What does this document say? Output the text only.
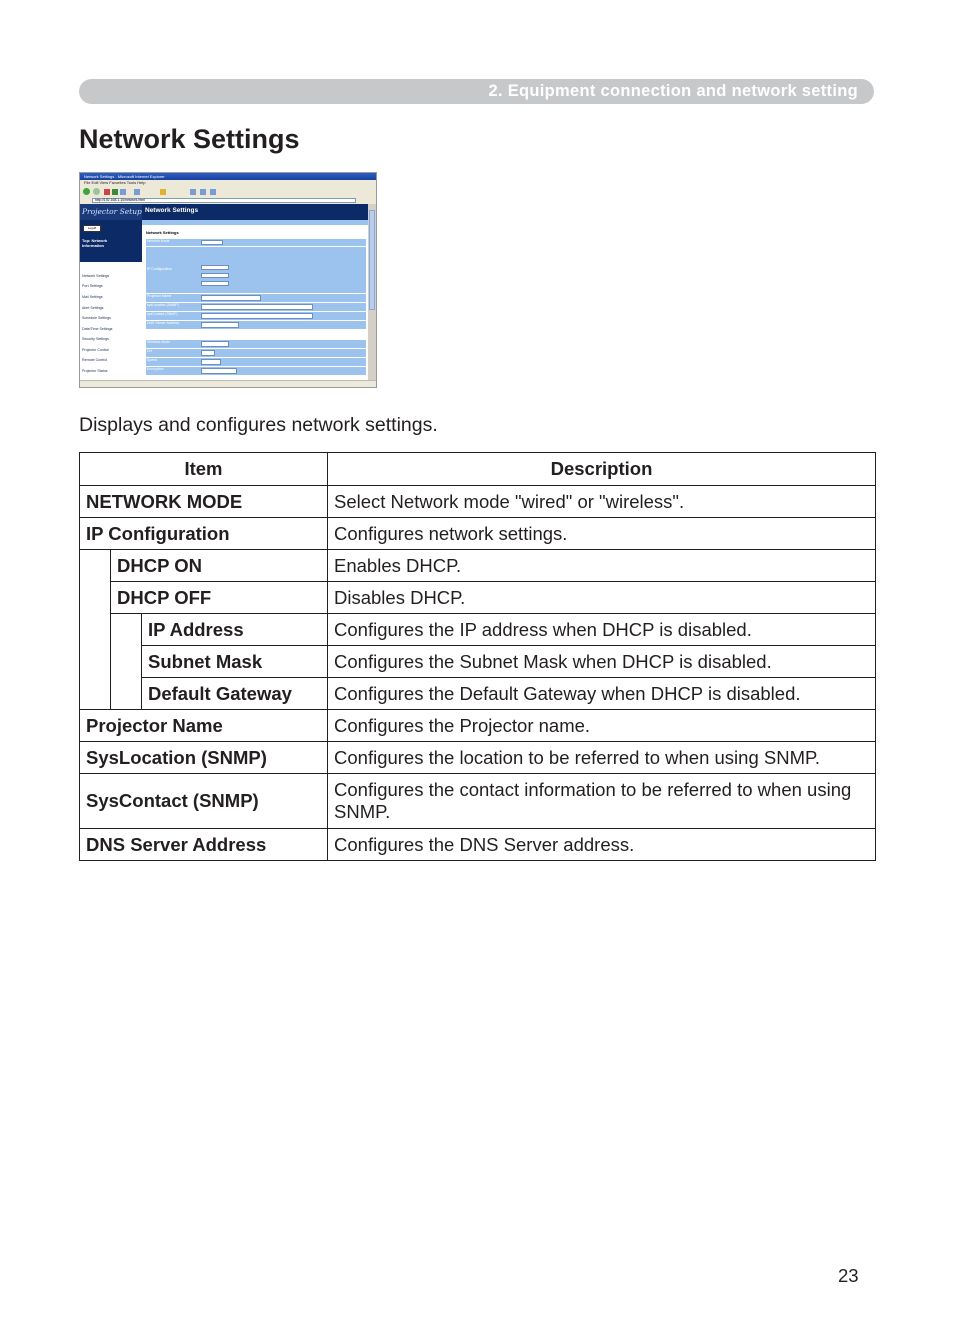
2. Equipment connection and network setting
Network Settings
Network Settings - Microsoft Internet Explorer
File Edit View Favorites Tools Help
http://192.168.1.10/network.html
Projector Setup
Logoff
Top: Network Information
Network Settings
Port Settings
Mail Settings
Alert Settings
Schedule Settings
Date/Time Settings
Security Settings
Projector Control
Remote Control
Projector Status
Network Settings
Network Settings
Network Mode
IP Configuration
Projector Name
sysLocation (SNMP)
sysContact (SNMP)
DNS Server Address
Wireless Mode
CH
Speed
Encryption

Displays and configures network settings.

Item			Description
NETWORK MODE			Select Network mode "wired" or "wireless".
IP Configuration			Configures network settings.
	DHCP ON		Enables DHCP.
	DHCP OFF		Disables DHCP.
		IP Address	Configures the IP address when DHCP is disabled.
		Subnet Mask	Configures the Subnet Mask when DHCP is disabled.
		Default Gateway	Configures the Default Gateway when DHCP is disabled.
Projector Name			Configures the Projector name.
SysLocation (SNMP)			Configures the location to be referred to when using SNMP.
SysContact (SNMP)			Configures the contact information to be referred to when using SNMP.
DNS Server Address			Configures the DNS Server address.
23
